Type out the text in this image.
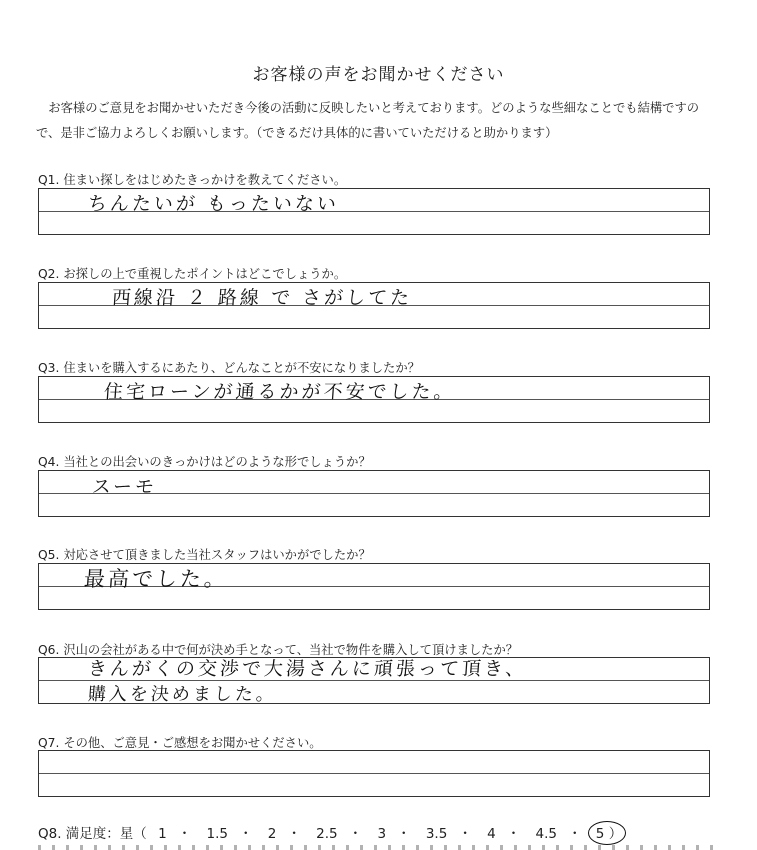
お客様の声をお聞かせください
お客様のご意見をお聞かせいただき今後の活動に反映したいと考えております。どのような些細なことでも結構ですので、是非ご協力よろしくお願いします。（できるだけ具体的に書いていただけると助かります）
Q1. 住まい探しをはじめたきっかけを教えてください。
ちんたいが もったいない
Q2. お探しの上で重視したポイントはどこでしょうか。
西線沿 ２ 路線 で さがしてた
Q3. 住まいを購入するにあたり、どんなことが不安になりましたか？
住宅ローンが通るかが不安でした。
Q4. 当社との出会いのきっかけはどのような形でしょうか？
スーモ
Q5. 対応させて頂きました当社スタッフはいかがでしたか？
最高でした。
Q6. 沢山の会社がある中で何が決め手となって、当社で物件を購入して頂けましたか？
きんがくの交渉で大湯さんに頑張って頂き、
購入を決めました。
Q7. その他、ご意見・ご感想をお聞かせください。
Q8. 満足度：星（ 1 ・ 1.5 ・ 2 ・ 2.5 ・ 3 ・ 3.5 ・ 4 ・ 4.5 ・ 5 ）
